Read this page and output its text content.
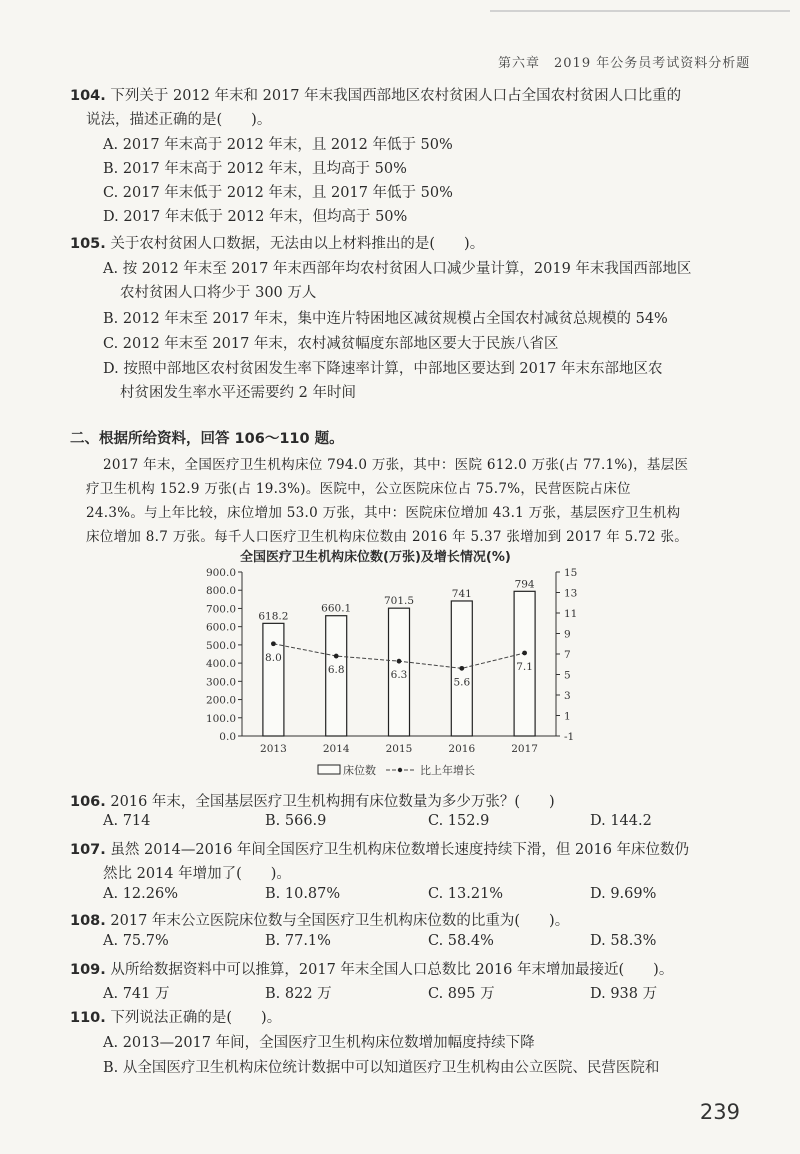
第六章　2019 年公务员考试资料分析题
104. 下列关于 2012 年末和 2017 年末我国西部地区农村贫困人口占全国农村贫困人口比重的
说法，描述正确的是(　　)。
A. 2017 年末高于 2012 年末，且 2012 年低于 50%
B. 2017 年末高于 2012 年末，且均高于 50%
C. 2017 年末低于 2012 年末，且 2017 年低于 50%
D. 2017 年末低于 2012 年末，但均高于 50%
105. 关于农村贫困人口数据，无法由以上材料推出的是(　　)。
A. 按 2012 年末至 2017 年末西部年均农村贫困人口减少量计算，2019 年末我国西部地区
农村贫困人口将少于 300 万人
B. 2012 年末至 2017 年末，集中连片特困地区减贫规模占全国农村减贫总规模的 54%
C. 2012 年末至 2017 年末，农村减贫幅度东部地区要大于民族八省区
D. 按照中部地区农村贫困发生率下降速率计算，中部地区要达到 2017 年末东部地区农
村贫困发生率水平还需要约 2 年时间
二、根据所给资料，回答 106～110 题。
2017 年末，全国医疗卫生机构床位 794.0 万张，其中：医院 612.0 万张(占 77.1%)，基层医
疗卫生机构 152.9 万张(占 19.3%)。医院中，公立医院床位占 75.7%，民营医院占床位
24.3%。与上年比较，床位增加 53.0 万张，其中：医院床位增加 43.1 万张，基层医疗卫生机构
床位增加 8.7 万张。每千人口医疗卫生机构床位数由 2016 年 5.37 张增加到 2017 年 5.72 张。
全国医疗卫生机构床位数(万张)及增长情况(%)
900.0
800.0
700.0
600.0
500.0
400.0
300.0
200.0
100.0
0.0
15
13
11
9
7
5
3
1
-1
618.2
660.1
701.5
741
794
2013	2014	2015	2016	2017
8.0
6.8	6.3
5.6
7.1
床位数	比上年增长
106. 2016 年末，全国基层医疗卫生机构拥有床位数量为多少万张？(　　)
A. 714	B. 566.9	C. 152.9	D. 144.2
107. 虽然 2014—2016 年间全国医疗卫生机构床位数增长速度持续下滑，但 2016 年床位数仍
然比 2014 年增加了(　　)。
A. 12.26%	B. 10.87%	C. 13.21%	D. 9.69%
108. 2017 年末公立医院床位数与全国医疗卫生机构床位数的比重为(　　)。
A. 75.7%	B. 77.1%	C. 58.4%	D. 58.3%
109. 从所给数据资料中可以推算，2017 年末全国人口总数比 2016 年末增加最接近(　　)。
A. 741 万	B. 822 万	C. 895 万	D. 938 万
110. 下列说法正确的是(　　)。
A. 2013—2017 年间，全国医疗卫生机构床位数增加幅度持续下降
B. 从全国医疗卫生机构床位统计数据中可以知道医疗卫生机构由公立医院、民营医院和
239
